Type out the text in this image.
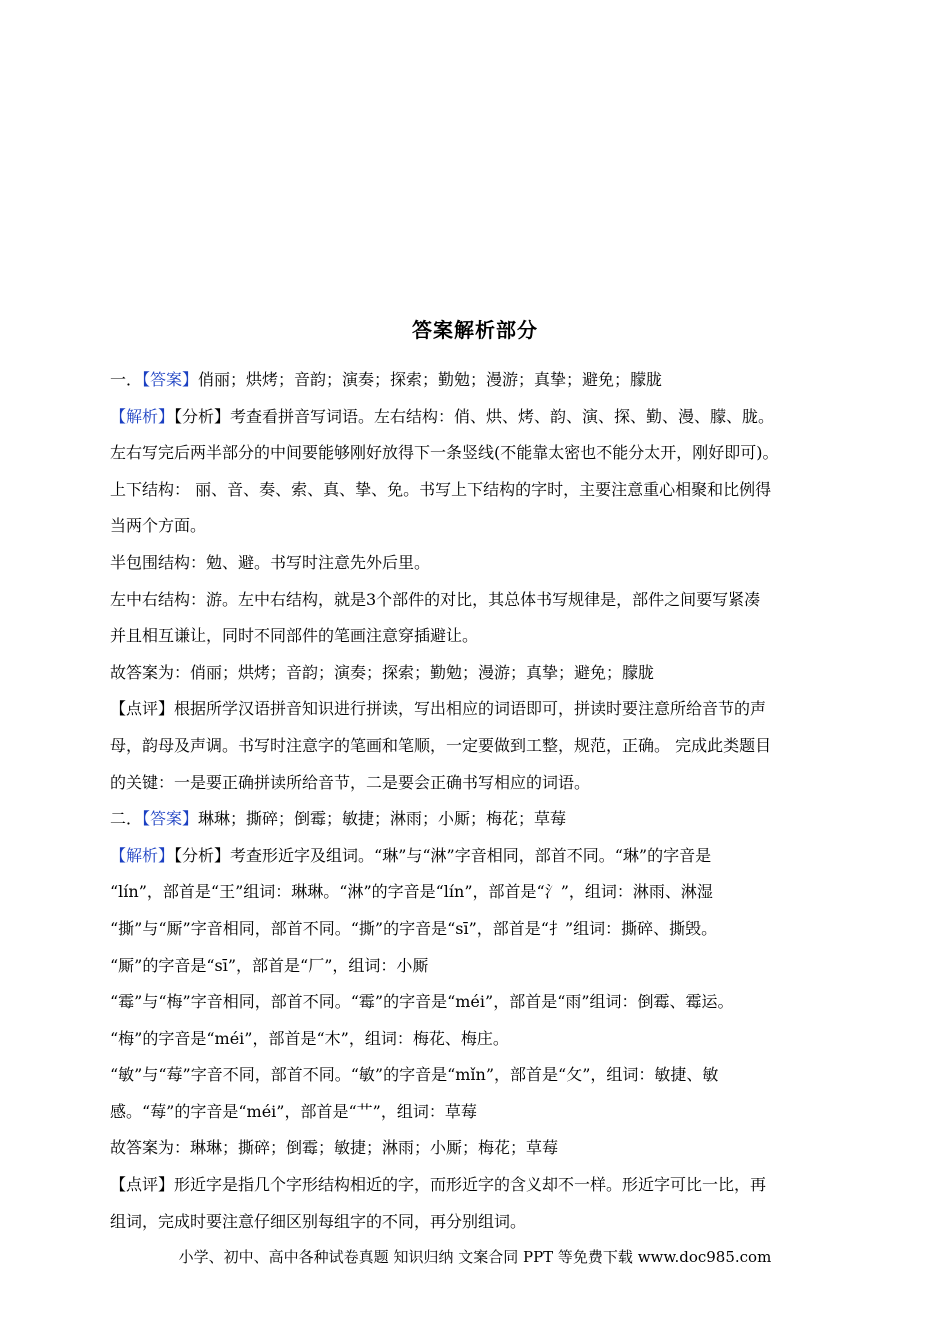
答案解析部分
一．【答案】俏丽；烘烤；音韵；演奏；探索；勤勉；漫游；真挚；避免；朦胧
【解析】【分析】考查看拼音写词语。左右结构：俏、烘、烤、韵、演、探、勤、漫、朦、胧。
左右写完后两半部分的中间要能够刚好放得下一条竖线(不能靠太密也不能分太开，刚好即可)。
上下结构： 丽、音、奏、索、真、挚、免。书写上下结构的字时，主要注意重心相聚和比例得
当两个方面。
半包围结构：勉、避。书写时注意先外后里。
左中右结构：游。左中右结构，就是3个部件的对比，其总体书写规律是，部件之间要写紧凑
并且相互谦让，同时不同部件的笔画注意穿插避让。
故答案为：俏丽；烘烤；音韵；演奏；探索；勤勉；漫游；真挚；避免；朦胧
【点评】根据所学汉语拼音知识进行拼读，写出相应的词语即可，拼读时要注意所给音节的声
母，韵母及声调。书写时注意字的笔画和笔顺，一定要做到工整，规范，正确。 完成此类题目
的关键：一是要正确拼读所给音节，二是要会正确书写相应的词语。
二．【答案】琳琳；撕碎；倒霉；敏捷；淋雨；小厮；梅花；草莓
【解析】【分析】考查形近字及组词。“琳”与“淋”字音相同，部首不同。“琳”的字音是
“lín”，部首是“王”组词：琳琳。“淋”的字音是“lín”，部首是“氵”，组词：淋雨、淋湿
“撕”与“厮”字音相同，部首不同。“撕”的字音是“sī”，部首是“扌”组词：撕碎、撕毁。
“厮”的字音是“sī”，部首是“厂”，组词：小厮
“霉”与“梅”字音相同，部首不同。“霉”的字音是“méi”，部首是“雨”组词：倒霉、霉运。
“梅”的字音是“méi”，部首是“木”，组词：梅花、梅庄。
“敏”与“莓”字音不同，部首不同。“敏”的字音是“mǐn”，部首是“攵”，组词：敏捷、敏
感。“莓”的字音是“méi”，部首是“艹”，组词：草莓
故答案为：琳琳；撕碎；倒霉；敏捷；淋雨；小厮；梅花；草莓
【点评】形近字是指几个字形结构相近的字，而形近字的含义却不一样。形近字可比一比，再
组词，完成时要注意仔细区别每组字的不同，再分别组词。
小学、初中、高中各种试卷真题 知识归纳 文案合同 PPT 等免费下载 www.doc985.com
